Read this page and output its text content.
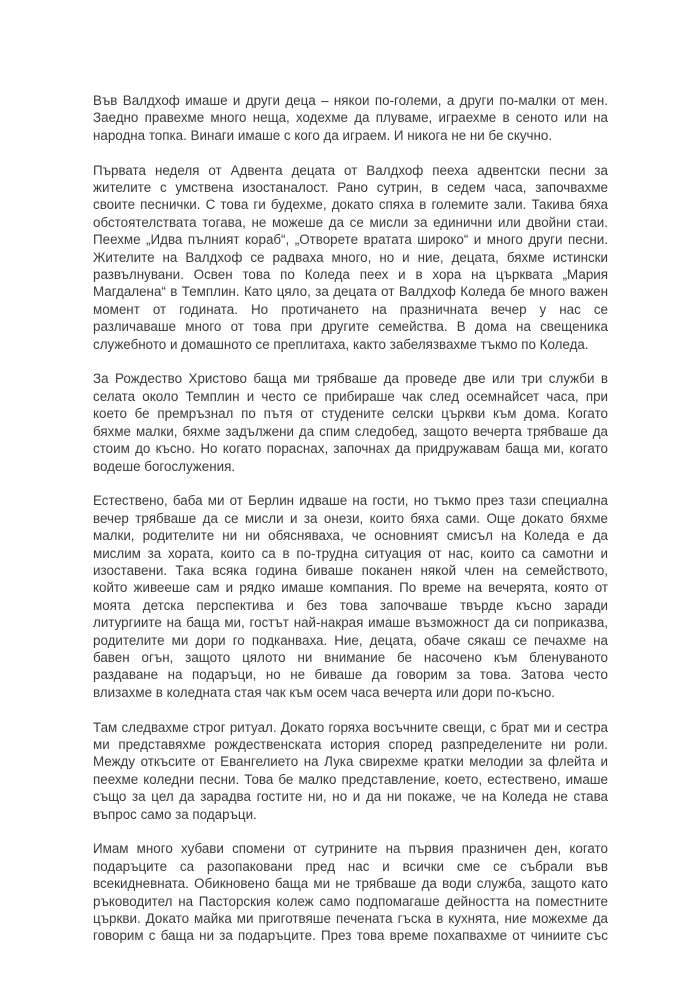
Във Валдхоф имаше и други деца – някои по-големи, а други по-малки от мен.
Заедно правехме много неща, ходехме да плуваме, играехме в сеното или на
народна топка. Винаги имаше с кого да играем. И никога не ни бе скучно.

Първата неделя от Адвента децата от Валдхоф пееха адвентски песни за
жителите с умствена изостаналост. Рано сутрин, в седем часа, започвахме
своите песнички. С това ги будехме, докато спяха в големите зали. Такива бяха
обстоятелствата тогава, не можеше да се мисли за единични или двойни стаи.
Пеехме „Идва пълният кораб“, „Отворете вратата широко“ и много други песни.
Жителите на Валдхоф се радваха много, но и ние, децата, бяхме истински
развълнувани. Освен това по Коледа пеех и в хора на църквата „Мария
Магдалена“ в Темплин. Като цяло, за децата от Валдхоф Коледа бе много важен
момент от годината. Но протичането на празничната вечер у нас се
различаваше много от това при другите семейства. В дома на свещеника
служебното и домашното се преплитаха, както забелязвахме тъкмо по Коледа.

За Рождество Христово баща ми трябваше да проведе две или три служби в
селата около Темплин и често се прибираше чак след осемнайсет часа, при
което бе премръзнал по пътя от студените селски църкви към дома. Когато
бяхме малки, бяхме задължени да спим следобед, защото вечерта трябваше да
стоим до късно. Но когато пораснах, започнах да придружавам баща ми, когато
водеше богослужения.

Естествено, баба ми от Берлин идваше на гости, но тъкмо през тази специална
вечер трябваше да се мисли и за онези, които бяха сами. Още докато бяхме
малки, родителите ни ни обясняваха, че основният смисъл на Коледа е да
мислим за хората, които са в по-трудна ситуация от нас, които са самотни и
изоставени. Така всяка година биваше поканен някой член на семейството,
който живееше сам и рядко имаше компания. По време на вечерята, която от
моята детска перспектива и без това започваше твърде късно заради
литургиите на баща ми, гостът най-накрая имаше възможност да си поприказва,
родителите ми дори го подканваха. Ние, децата, обаче сякаш се печахме на
бавен огън, защото цялото ни внимание бе насочено към бленуваното
раздаване на подаръци, но не биваше да говорим за това. Затова често
влизахме в коледната стая чак към осем часа вечерта или дори по-късно.

Там следвахме строг ритуал. Докато горяха восъчните свещи, с брат ми и сестра
ми представяхме рождественската история според разпределените ни роли.
Между откъсите от Евангелието на Лука свирехме кратки мелодии за флейта и
пеехме коледни песни. Това бе малко представление, което, естествено, имаше
също за цел да зарадва гостите ни, но и да ни покаже, че на Коледа не става
въпрос само за подаръци.

Имам много хубави спомени от сутрините на първия празничен ден, когато
подаръците са разопаковани пред нас и всички сме се събрали във
всекидневната. Обикновено баща ми не трябваше да води служба, защото като
ръководител на Пасторския колеж само подпомагаше дейността на поместните
църкви. Докато майка ми приготвяше печената гъска в кухнята, ние можехме да
говорим с баща ни за подаръците. През това време похапвахме от чиниите със
